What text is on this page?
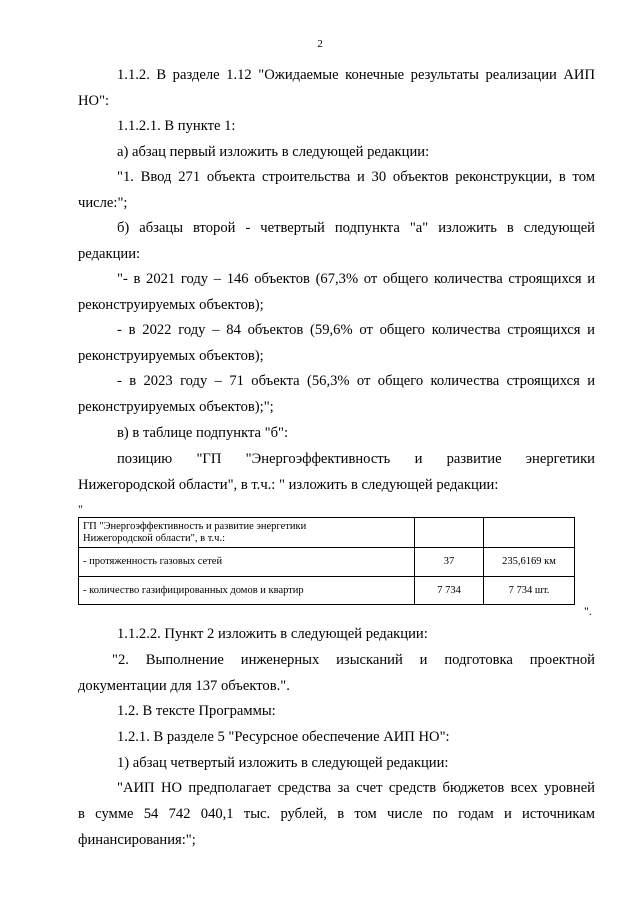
2
1.1.2. В разделе 1.12 "Ожидаемые конечные результаты реализации АИП
НО":
1.1.2.1. В пункте 1:
а) абзац первый изложить в следующей редакции:
"1. Ввод 271 объекта строительства и 30 объектов реконструкции, в том
числе:";
б) абзацы второй - четвертый подпункта "а" изложить в следующей
редакции:
"- в 2021 году – 146 объектов (67,3% от общего количества строящихся и
реконструируемых объектов);
- в 2022 году – 84 объектов (59,6% от общего количества строящихся и
реконструируемых объектов);
- в 2023 году – 71 объекта (56,3% от общего количества строящихся и
реконструируемых объектов);";
в) в таблице подпункта "б":
позицию "ГП "Энергоэффективность и развитие энергетики
Нижегородской области", в т.ч.: " изложить в следующей редакции:
"
ГП "Энергоэффективность и развитие энергетики
Нижегородской области", в т.ч.:		

- протяженность газовых сетей	37	235,6169 км
- количество газифицированных домов и квартир	7 734	7 734 шт.
".
1.1.2.2. Пункт 2 изложить в следующей редакции:
"2. Выполнение инженерных изысканий и подготовка проектной
документации для 137 объектов.".
1.2. В тексте Программы:
1.2.1. В разделе 5 "Ресурсное обеспечение АИП НО":
1) абзац четвертый изложить в следующей редакции:
"АИП НО предполагает средства за счет средств бюджетов всех уровней
в сумме 54 742 040,1 тыс. рублей, в том числе по годам и источникам
финансирования:";
